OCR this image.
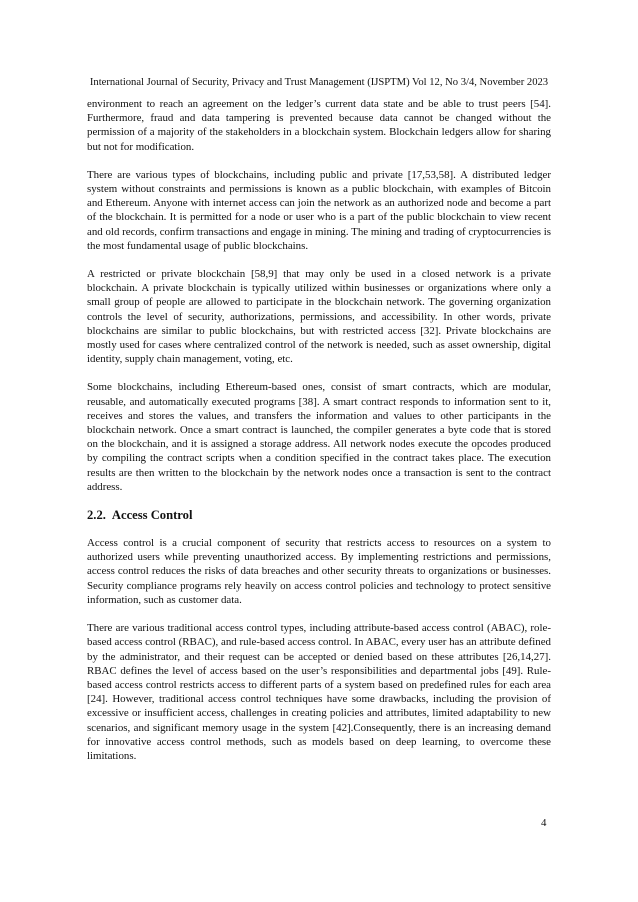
International Journal of Security, Privacy and Trust Management (IJSPTM) Vol 12, No 3/4, November 2023

environment to reach an agreement on the ledger’s current data state and be able to trust peers [54]. Furthermore, fraud and data tampering is prevented because data cannot be changed without the permission of a majority of the stakeholders in a blockchain system. Blockchain ledgers allow for sharing but not for modification.

There are various types of blockchains, including public and private [17,53,58]. A distributed ledger system without constraints and permissions is known as a public blockchain, with examples of Bitcoin and Ethereum. Anyone with internet access can join the network as an authorized node and become a part of the blockchain. It is permitted for a node or user who is a part of the public blockchain to view recent and old records, confirm transactions and engage in mining. The mining and trading of cryptocurrencies is the most fundamental usage of public blockchains.

A restricted or private blockchain [58,9] that may only be used in a closed network is a private blockchain. A private blockchain is typically utilized within businesses or organizations where only a small group of people are allowed to participate in the blockchain network. The governing organization controls the level of security, authorizations, permissions, and accessibility. In other words, private blockchains are similar to public blockchains, but with restricted access [32]. Private blockchains are mostly used for cases where centralized control of the network is needed, such as asset ownership, digital identity, supply chain management, voting, etc.

Some blockchains, including Ethereum-based ones, consist of smart contracts, which are modular, reusable, and automatically executed programs [38]. A smart contract responds to information sent to it, receives and stores the values, and transfers the information and values to other participants in the blockchain network. Once a smart contract is launched, the compiler generates a byte code that is stored on the blockchain, and it is assigned a storage address. All network nodes execute the opcodes produced by compiling the contract scripts when a condition specified in the contract takes place. The execution results are then written to the blockchain by the network nodes once a transaction is sent to the contract address.

2.2. Access Control

Access control is a crucial component of security that restricts access to resources on a system to authorized users while preventing unauthorized access. By implementing restrictions and permissions, access control reduces the risks of data breaches and other security threats to organizations or businesses. Security compliance programs rely heavily on access control policies and technology to protect sensitive information, such as customer data.

There are various traditional access control types, including attribute-based access control (ABAC), role-based access control (RBAC), and rule-based access control. In ABAC, every user has an attribute defined by the administrator, and their request can be accepted or denied based on these attributes [26,14,27]. RBAC defines the level of access based on the user’s responsibilities and departmental jobs [49]. Rule-based access control restricts access to different parts of a system based on predefined rules for each area [24]. However, traditional access control techniques have some drawbacks, including the provision of excessive or insufficient access, challenges in creating policies and attributes, limited adaptability to new scenarios, and significant memory usage in the system [42].Consequently, there is an increasing demand for innovative access control methods, such as models based on deep learning, to overcome these limitations.

4
